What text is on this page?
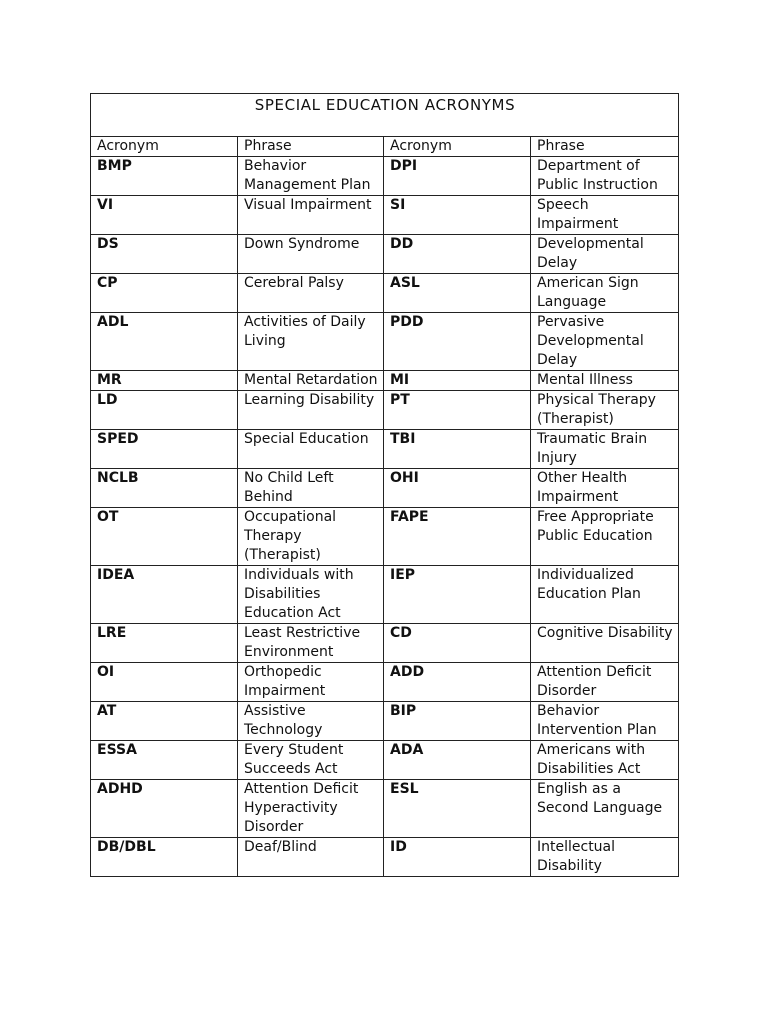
SPECIAL EDUCATION ACRONYMS			
Acronym	Phrase	Acronym	Phrase
BMP	Behavior Management Plan	DPI	Department of Public Instruction
VI	Visual Impairment	SI	Speech Impairment
DS	Down Syndrome	DD	Developmental Delay
CP	Cerebral Palsy	ASL	American Sign Language
ADL	Activities of Daily Living	PDD	Pervasive Developmental Delay
MR	Mental Retardation	MI	Mental Illness
LD	Learning Disability	PT	Physical Therapy (Therapist)
SPED	Special Education	TBI	Traumatic Brain Injury
NCLB	No Child Left Behind	OHI	Other Health Impairment
OT	Occupational Therapy (Therapist)	FAPE	Free Appropriate Public Education
IDEA	Individuals with Disabilities Education Act	IEP	Individualized Education Plan
LRE	Least Restrictive Environment	CD	Cognitive Disability
OI	Orthopedic Impairment	ADD	Attention Deficit Disorder
AT	Assistive Technology	BIP	Behavior Intervention Plan
ESSA	Every Student Succeeds Act	ADA	Americans with Disabilities Act
ADHD	Attention Deficit Hyperactivity Disorder	ESL	English as a Second Language
DB/DBL	Deaf/Blind	ID	Intellectual Disability
